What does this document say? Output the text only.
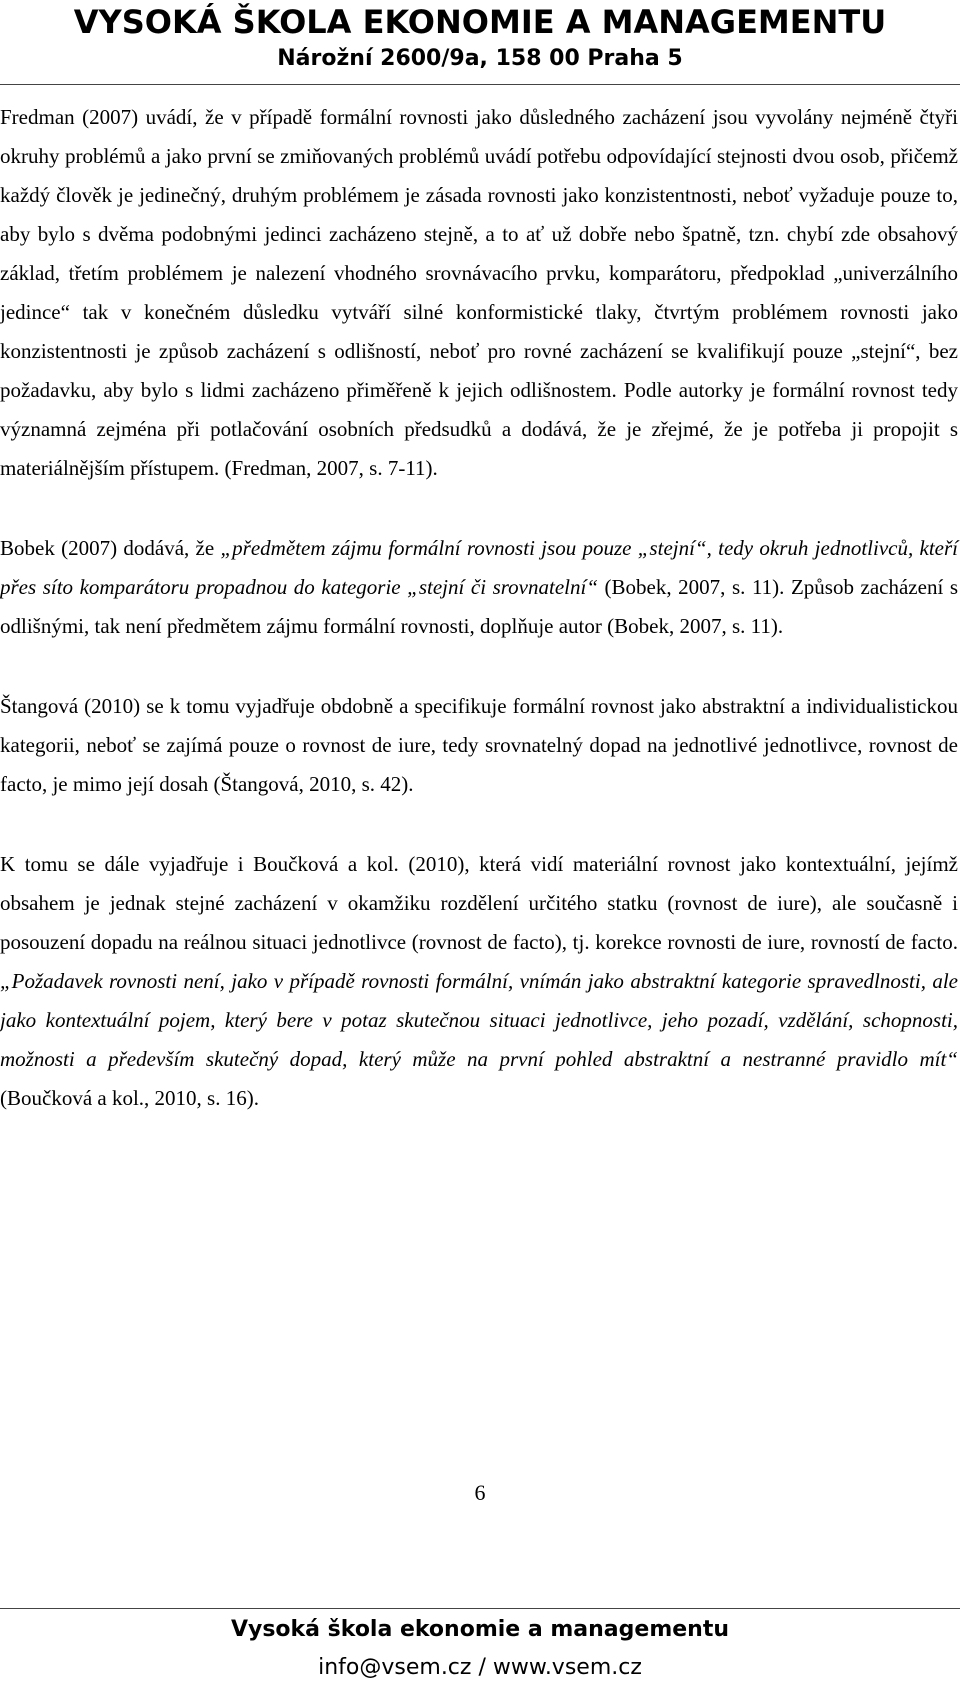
VYSOKÁ ŠKOLA EKONOMIE A MANAGEMENTU
Nárožní 2600/9a, 158 00 Praha 5

Fredman (2007) uvádí, že v případě formální rovnosti jako důsledného zacházení jsou vyvolány nejméně čtyři okruhy problémů a jako první se zmiňovaných problémů uvádí potřebu odpovídající stejnosti dvou osob, přičemž každý člověk je jedinečný, druhým problémem je zásada rovnosti jako konzistentnosti, neboť vyžaduje pouze to, aby bylo s dvěma podobnými jedinci zacházeno stejně, a to ať už dobře nebo špatně, tzn. chybí zde obsahový základ, třetím problémem je nalezení vhodného srovnávacího prvku, komparátoru, předpoklad „univerzálního jedince“ tak v konečném důsledku vytváří silné konformistické tlaky, čtvrtým problémem rovnosti jako konzistentnosti je způsob zacházení s odlišností, neboť pro rovné zacházení se kvalifikují pouze „stejní“, bez požadavku, aby bylo s lidmi zacházeno přiměřeně k jejich odlišnostem. Podle autorky je formální rovnost tedy významná zejména při potlačování osobních předsudků a dodává, že je zřejmé, že je potřeba ji propojit s materiálnějším přístupem. (Fredman, 2007, s. 7-11).

Bobek (2007) dodává, že „předmětem zájmu formální rovnosti jsou pouze „stejní“, tedy okruh jednotlivců, kteří přes síto komparátoru propadnou do kategorie „stejní či srovnatelní“ (Bobek, 2007, s. 11). Způsob zacházení s odlišnými, tak není předmětem zájmu formální rovnosti, doplňuje autor (Bobek, 2007, s. 11).

Štangová (2010) se k tomu vyjadřuje obdobně a specifikuje formální rovnost jako abstraktní a individualistickou kategorii, neboť se zajímá pouze o rovnost de iure, tedy srovnatelný dopad na jednotlivé jednotlivce, rovnost de facto, je mimo její dosah (Štangová, 2010, s. 42).

K tomu se dále vyjadřuje i Boučková a kol. (2010), která vidí materiální rovnost jako kontextuální, jejímž obsahem je jednak stejné zacházení v okamžiku rozdělení určitého statku (rovnost de iure), ale současně i posouzení dopadu na reálnou situaci jednotlivce (rovnost de facto), tj. korekce rovnosti de iure, rovností de facto. „Požadavek rovnosti není, jako v případě rovnosti formální, vnímán jako abstraktní kategorie spravedlnosti, ale jako kontextuální pojem, který bere v potaz skutečnou situaci jednotlivce, jeho pozadí, vzdělání, schopnosti, možnosti a především skutečný dopad, který může na první pohled abstraktní a nestranné pravidlo mít“ (Boučková a kol., 2010, s. 16).

6
Vysoká škola ekonomie a managementu
info@vsem.cz / www.vsem.cz
